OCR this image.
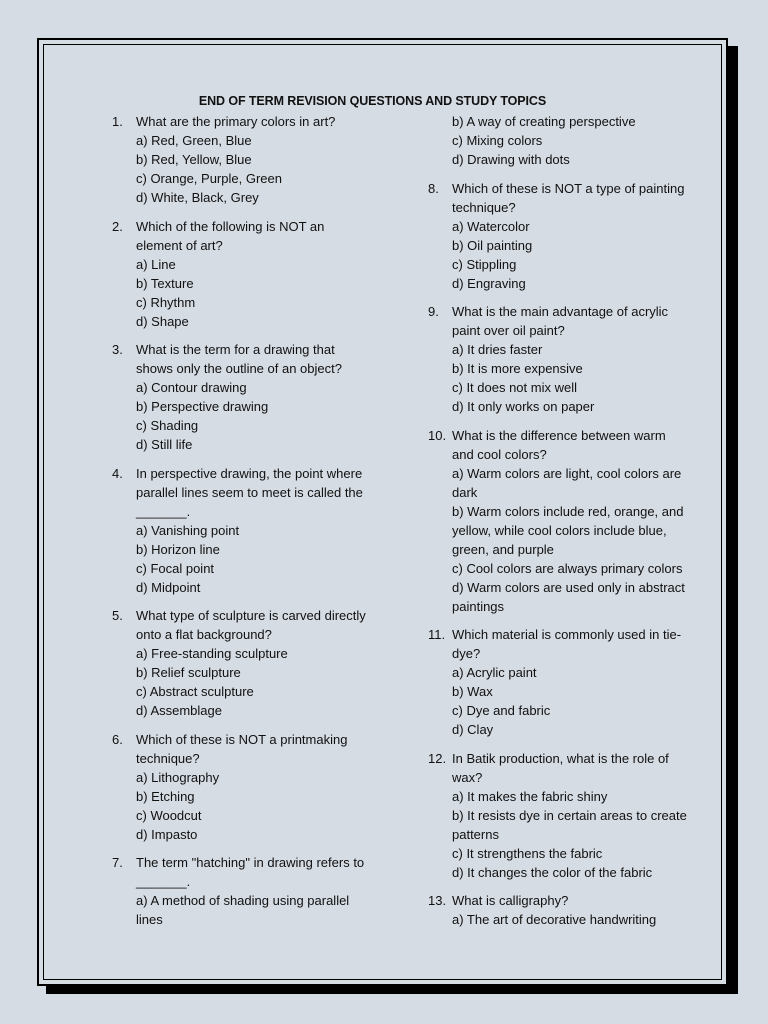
END OF TERM REVISION QUESTIONS AND STUDY TOPICS
1.	What are the primary colors in art?
a) Red, Green, Blue
b) Red, Yellow, Blue
c) Orange, Purple, Green
d) White, Black, Grey
2.	Which of the following is NOT an element of art?
a) Line
b) Texture
c) Rhythm
d) Shape
3.	What is the term for a drawing that shows only the outline of an object?
a) Contour drawing
b) Perspective drawing
c) Shading
d) Still life
4.	In perspective drawing, the point where parallel lines seem to meet is called the _______.
a) Vanishing point
b) Horizon line
c) Focal point
d) Midpoint
5.	What type of sculpture is carved directly onto a flat background?
a) Free-standing sculpture
b) Relief sculpture
c) Abstract sculpture
d) Assemblage
6.	Which of these is NOT a printmaking technique?
a) Lithography
b) Etching
c) Woodcut
d) Impasto
7.	The term "hatching" in drawing refers to _______.
a) A method of shading using parallel lines
b) A way of creating perspective
c) Mixing colors
d) Drawing with dots
8.	Which of these is NOT a type of painting technique?
a) Watercolor
b) Oil painting
c) Stippling
d) Engraving
9.	What is the main advantage of acrylic paint over oil paint?
a) It dries faster
b) It is more expensive
c) It does not mix well
d) It only works on paper
10. What is the difference between warm and cool colors?
a) Warm colors are light, cool colors are dark
b) Warm colors include red, orange, and yellow, while cool colors include blue, green, and purple
c) Cool colors are always primary colors
d) Warm colors are used only in abstract paintings
11. Which material is commonly used in tie-dye?
a) Acrylic paint
b) Wax
c) Dye and fabric
d) Clay
12. In Batik production, what is the role of wax?
a) It makes the fabric shiny
b) It resists dye in certain areas to create patterns
c) It strengthens the fabric
d) It changes the color of the fabric
13. What is calligraphy?
a) The art of decorative handwriting
